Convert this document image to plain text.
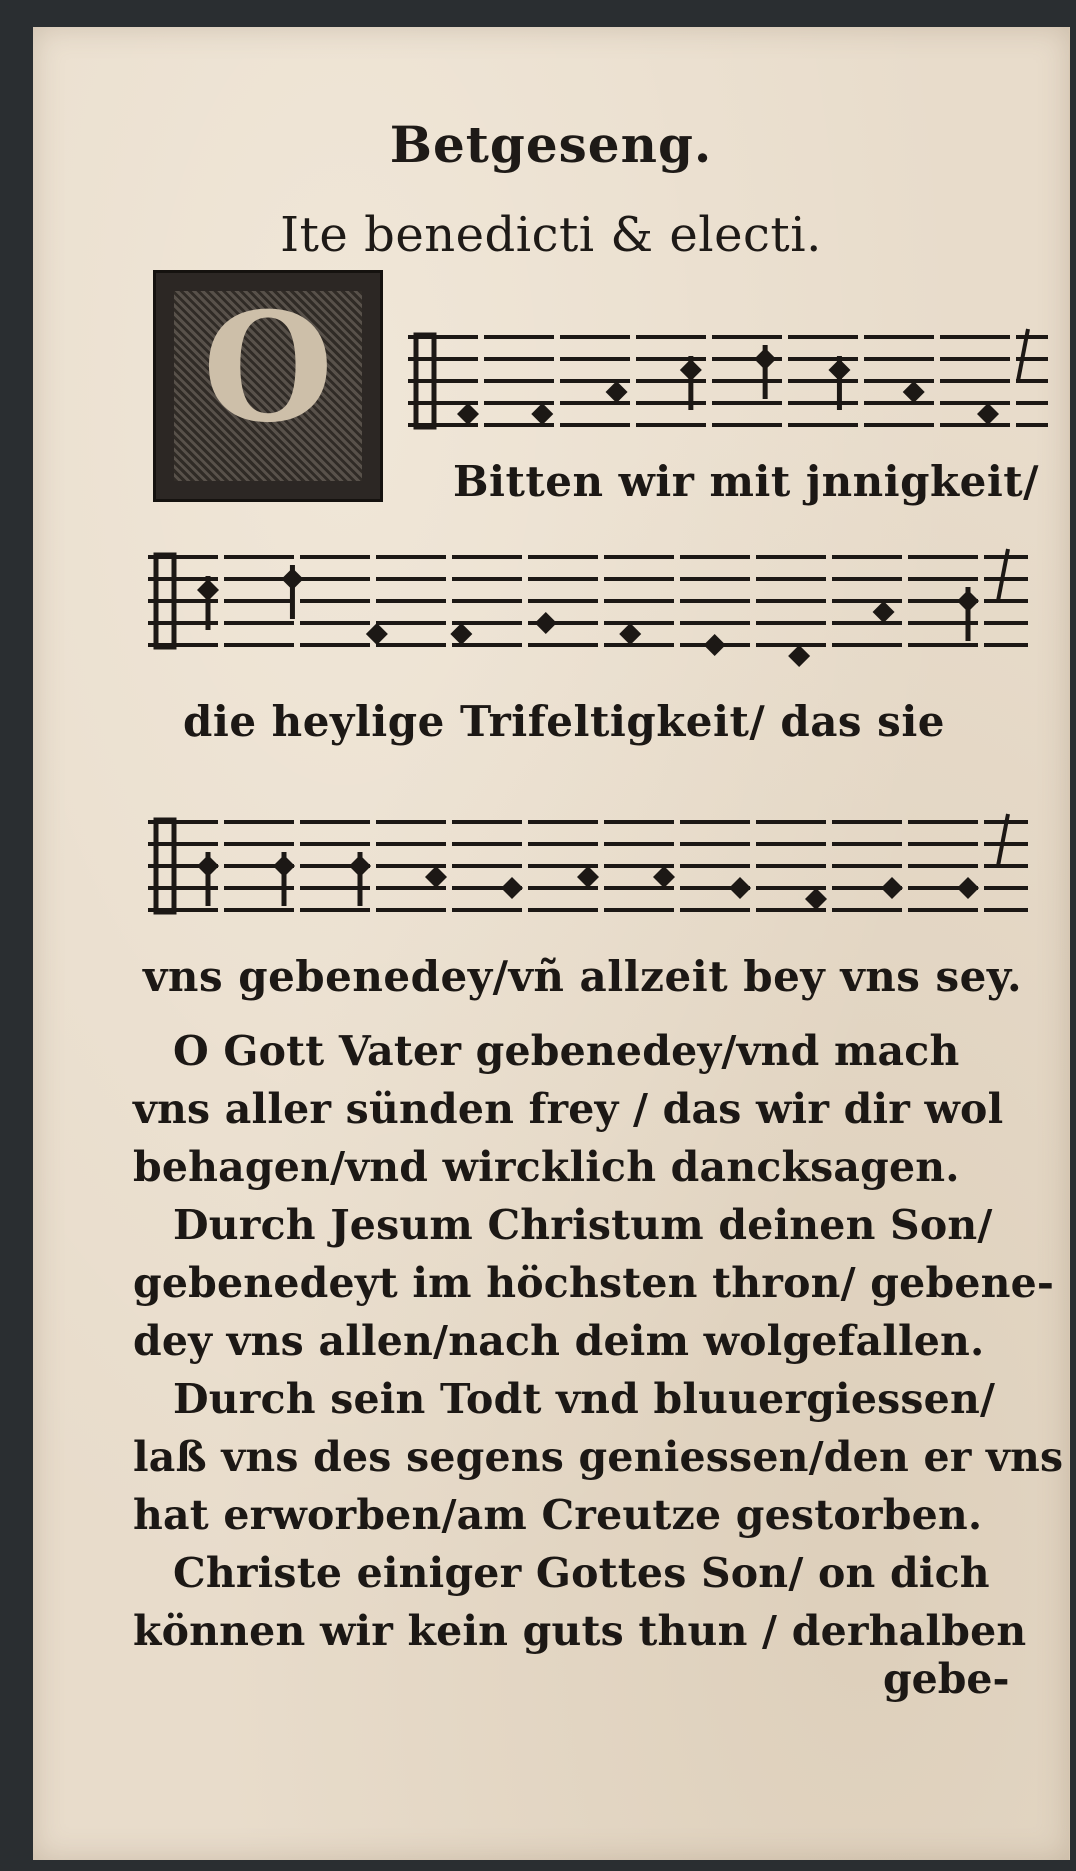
Betgeseng.
Ite benedicti & electi.
O
Bitten wir mit jnnigkeit/
die heylige Trifeltigkeit/ das sie
vns gebenedey/vñ allzeit bey vns sey.
O Gott Vater gebenedey/vnd mach
vns aller sünden frey / das wir dir wol
behagen/vnd wircklich dancksagen.
Durch Jesum Christum deinen Son/
gebenedeyt im höchsten thron/ gebene-
dey vns allen/nach deim wolgefallen.
Durch sein Todt vnd bluuergiessen/
laß vns des segens geniessen/den er vns
hat erworben/am Creutze gestorben.
Christe einiger Gottes Son/ on dich
können wir kein guts thun / derhalben
gebe-
